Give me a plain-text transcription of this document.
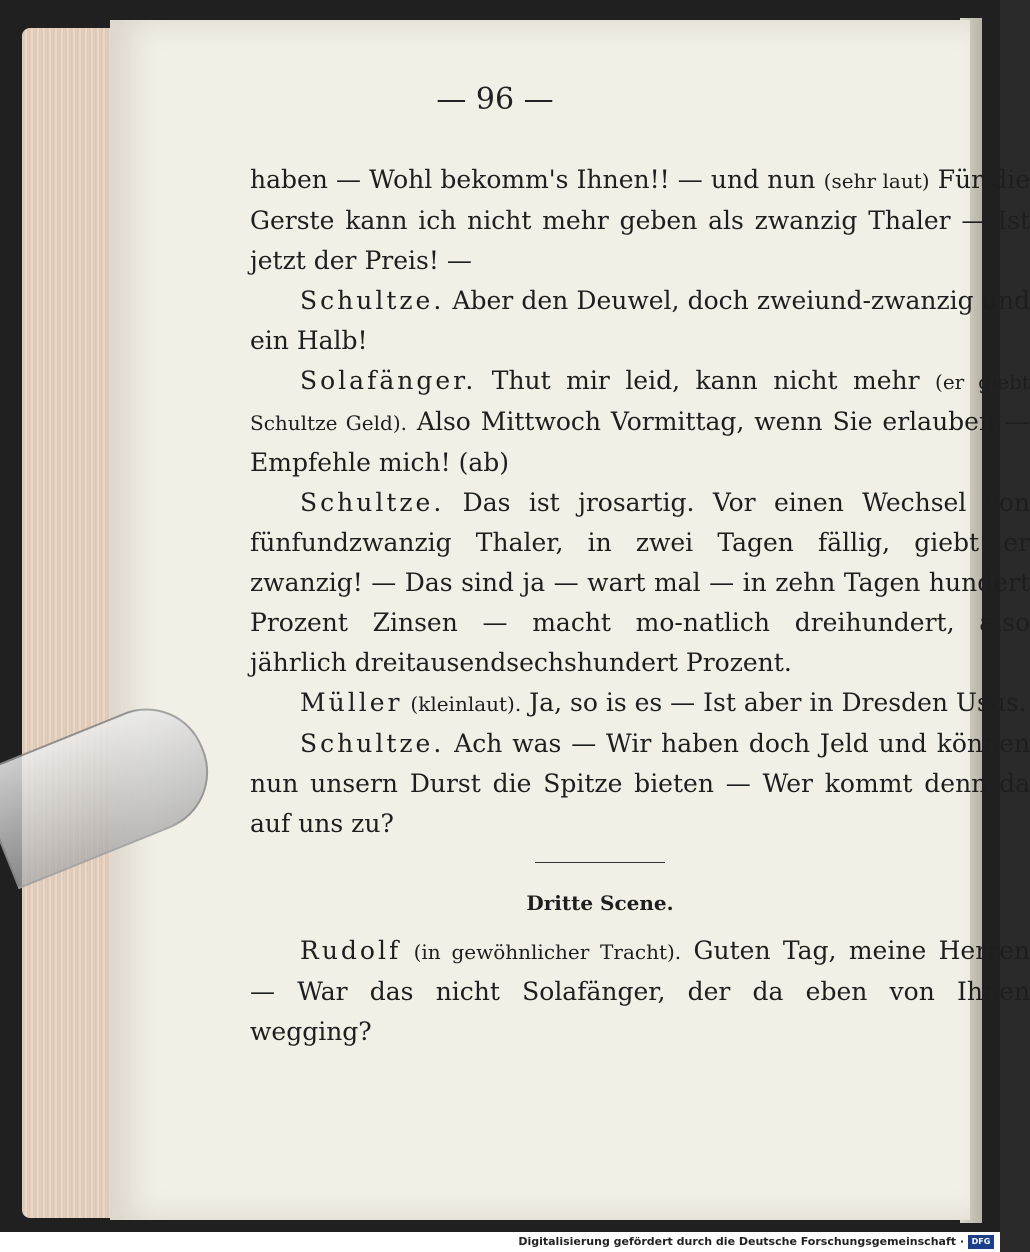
— 96 —

haben — Wohl bekomm's Ihnen!! — und nun (sehr laut) Für die Gerste kann ich nicht mehr geben als zwanzig Thaler — Ist jetzt der Preis! —

Schultze. Aber den Deuwel, doch zweiund-zwanzig und ein Halb!

Solafänger. Thut mir leid, kann nicht mehr (er giebt Schultze Geld). Also Mittwoch Vormittag, wenn Sie erlauben — Empfehle mich! (ab)

Schultze. Das ist jrosartig. Vor einen Wechsel von fünfundzwanzig Thaler, in zwei Tagen fällig, giebt er zwanzig! — Das sind ja — wart mal — in zehn Tagen hundert Prozent Zinsen — macht mo-natlich dreihundert, also jährlich dreitausendsechshundert Prozent.

Müller (kleinlaut). Ja, so is es — Ist aber in Dresden Usus.

Schultze. Ach was — Wir haben doch Jeld und können nun unsern Durst die Spitze bieten — Wer kommt denn da auf uns zu?

Dritte Scene.

Rudolf (in gewöhnlicher Tracht). Guten Tag, meine Herren — War das nicht Solafänger, der da eben von Ihnen wegging?

Digitalisierung gefördert durch die Deutsche Forschungsgemeinschaft · DFG
